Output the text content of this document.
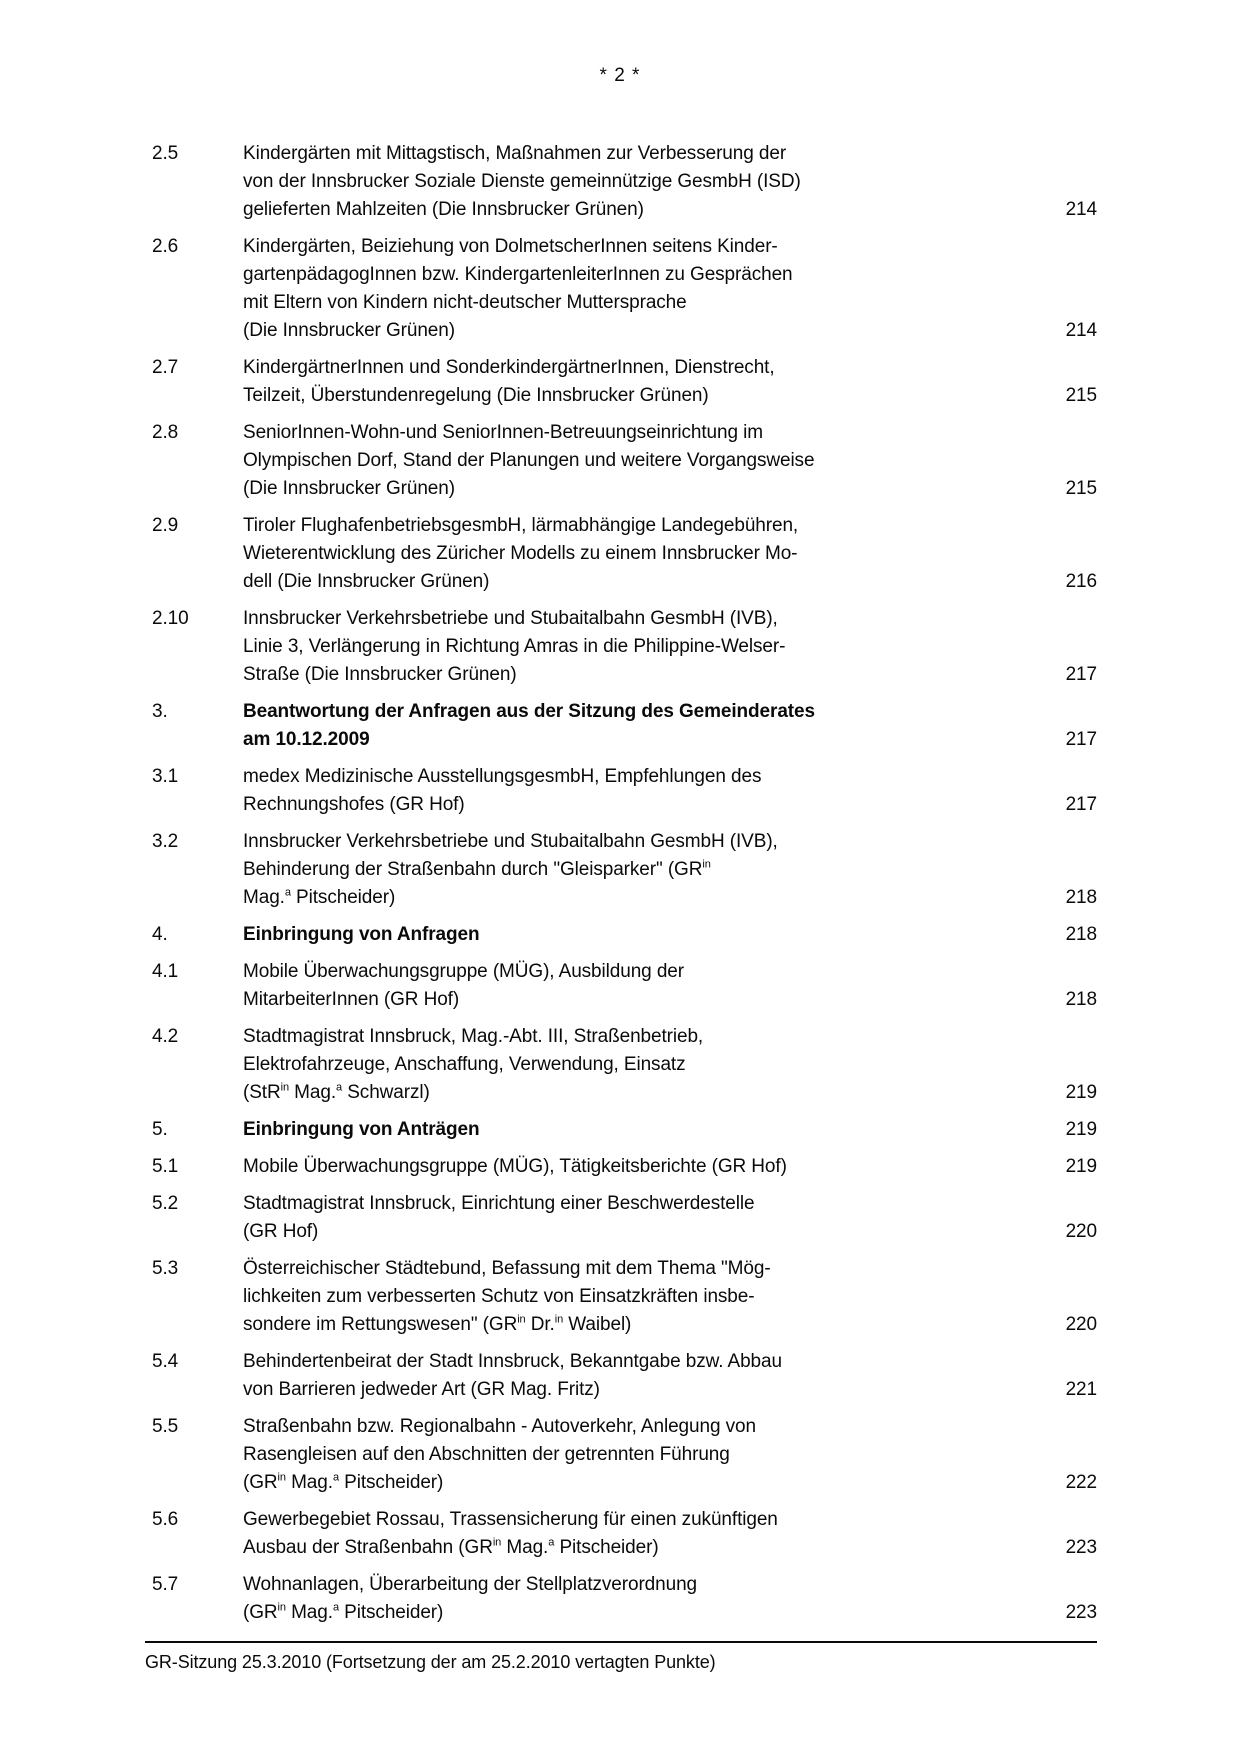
* 2 *
2.5	Kindergärten mit Mittagstisch, Maßnahmen zur Verbesserung der
von der Innsbrucker Soziale Dienste gemeinnützige GesmbH (ISD)
gelieferten Mahlzeiten (Die Innsbrucker Grünen)	214
2.6	Kindergärten, Beiziehung von DolmetscherInnen seitens Kinder-
gartenpädagogInnen bzw. KindergartenleiterInnen zu Gesprächen
mit Eltern von Kindern nicht-deutscher Muttersprache
(Die Innsbrucker Grünen)	214
2.7	KindergärtnerInnen und SonderkindergärtnerInnen, Dienstrecht,
Teilzeit, Überstundenregelung (Die Innsbrucker Grünen)	215
2.8	SeniorInnen-Wohn-und SeniorInnen-Betreuungseinrichtung im
Olympischen Dorf, Stand der Planungen und weitere Vorgangsweise
(Die Innsbrucker Grünen)	215
2.9	Tiroler FlughafenbetriebsgesmbH, lärmabhängige Landegebühren,
Wieterentwicklung des Züricher Modells zu einem Innsbrucker Mo-
dell (Die Innsbrucker Grünen)	216
2.10	Innsbrucker Verkehrsbetriebe und Stubaitalbahn GesmbH (IVB),
Linie 3, Verlängerung in Richtung Amras in die Philippine-Welser-
Straße (Die Innsbrucker Grünen)	217
3.	Beantwortung der Anfragen aus der Sitzung des Gemeinderates
am 10.12.2009	217
3.1	medex Medizinische AusstellungsgesmbH, Empfehlungen des
Rechnungshofes (GR Hof)	217
3.2	Innsbrucker Verkehrsbetriebe und Stubaitalbahn GesmbH (IVB),
Behinderung der Straßenbahn durch "Gleisparker" ($GR^{in}$
Mag.$^a$ Pitscheider)	218
4.	Einbringung von Anfragen	218
4.1	Mobile Überwachungsgruppe (MÜG), Ausbildung der
MitarbeiterInnen (GR Hof)	218
4.2	Stadtmagistrat Innsbruck, Mag.-Abt. III, Straßenbetrieb,
Elektrofahrzeuge, Anschaffung, Verwendung, Einsatz
(StR$^{in}$ Mag.$^a$ Schwarzl)	219
5.	Einbringung von Anträgen	219
5.1	Mobile Überwachungsgruppe (MÜG), Tätigkeitsberichte (GR Hof)	219
5.2	Stadtmagistrat Innsbruck, Einrichtung einer Beschwerdestelle
(GR Hof)	220
5.3	Österreichischer Städtebund, Befassung mit dem Thema "Mög-
lichkeiten zum verbesserten Schutz von Einsatzkräften insbe-
sondere im Rettungswesen" ($GR^{in}$ Dr.$^{in}$ Waibel)	220
5.4	Behindertenbeirat der Stadt Innsbruck, Bekanntgabe bzw. Abbau
von Barrieren jedweder Art (GR Mag. Fritz)	221
5.5	Straßenbahn bzw. Regionalbahn - Autoverkehr, Anlegung von
Rasengleisen auf den Abschnitten der getrennten Führung
($GR^{in}$ Mag.$^a$ Pitscheider)	222
5.6	Gewerbegebiet Rossau, Trassensicherung für einen zukünftigen
Ausbau der Straßenbahn ($GR^{in}$ Mag.$^a$ Pitscheider)	223
5.7	Wohnanlagen, Überarbeitung der Stellplatzverordnung
($GR^{in}$ Mag.$^a$ Pitscheider)	223
GR-Sitzung 25.3.2010 (Fortsetzung der am 25.2.2010 vertagten Punkte)
